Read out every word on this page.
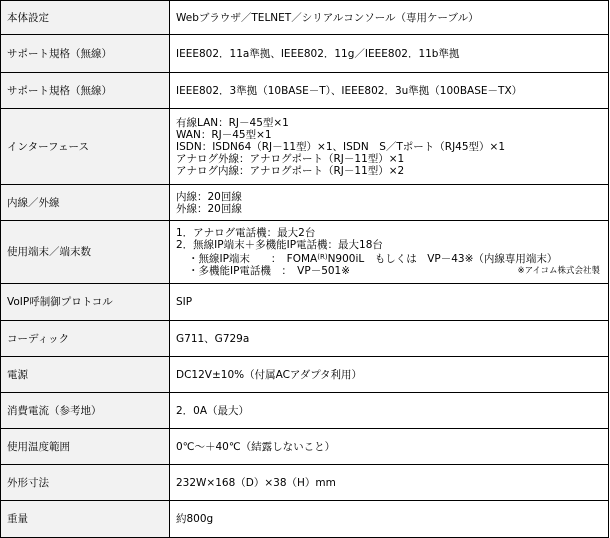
本体設定	Webブラウザ／TELNET／シリアルコンソール（専用ケーブル）
サポート規格（無線）	IEEE802．11a準拠、IEEE802．11g／IEEE802．11b準拠
サポート規格（無線）	IEEE802．3準拠（10BASE－T）、IEEE802．3u準拠（100BASE－TX）
インターフェース	有線LAN：RJ－45型×1
WAN：RJ－45型×1
ISDN：ISDN64（RJ－11型）×1、ISDN　S／Tポート（RJ45型）×1
アナログ外線：アナログポート（RJ－11型）×1
アナログ内線：アナログポート（RJ－11型）×2

内線／外線	内線：20回線
外線：20回線

使用端末／端末数	1．アナログ電話機：最大2台
2．無線IP端末＋多機能IP電話機：最大18台
・無線IP端末　　：　$FOMA^{(R)}N900iL$　もしくは　VP－43※（内線専用端末）
・多機能IP電話機　：　VP－501※ ※アイコム株式会社製

VoIP呼制御プロトコル	SIP
コーディック	G711、G729a
電源	DC12V±10%（付属ACアダプタ利用）
消費電流（参考地）	2．0A（最大）
使用温度範囲	0℃～＋40℃（結露しないこと）
外形寸法	232W×168（D）×38（H）mm
重量	約800g
